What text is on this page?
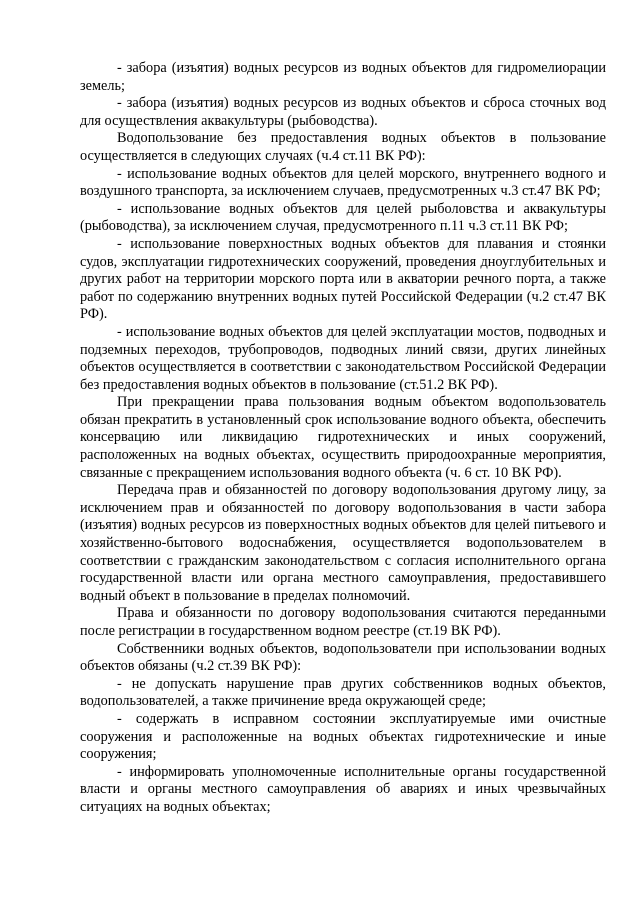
- забора (изъятия) водных ресурсов из водных объектов для гидромелиорации земель;

- забора (изъятия) водных ресурсов из водных объектов и сброса сточных вод для осуществления аквакультуры (рыбоводства).

Водопользование без предоставления водных объектов в пользование осуществляется в следующих случаях (ч.4 ст.11 ВК РФ):

- использование водных объектов для целей морского, внутреннего водного и воздушного транспорта, за исключением случаев, предусмотренных ч.3 ст.47 ВК РФ;

- использование водных объектов для целей рыболовства и аквакультуры (рыбоводства), за исключением случая, предусмотренного п.11 ч.3 ст.11 ВК РФ;

- использование поверхностных водных объектов для плавания и стоянки судов, эксплуатации гидротехнических сооружений, проведения дноуглубительных и других работ на территории морского порта или в акватории речного порта, а также работ по содержанию внутренних водных путей Российской Федерации (ч.2 ст.47 ВК РФ).

- использование водных объектов для целей эксплуатации мостов, подводных и подземных переходов, трубопроводов, подводных линий связи, других линейных объектов осуществляется в соответствии с законодательством Российской Федерации без предоставления водных объектов в пользование (ст.51.2 ВК РФ).

При прекращении права пользования водным объектом водопользователь обязан прекратить в установленный срок использование водного объекта, обеспечить консервацию или ликвидацию гидротехнических и иных сооружений, расположенных на водных объектах, осуществить природоохранные мероприятия, связанные с прекращением использования водного объекта (ч. 6 ст. 10 ВК РФ).

Передача прав и обязанностей по договору водопользования другому лицу, за исключением прав и обязанностей по договору водопользования в части забора (изъятия) водных ресурсов из поверхностных водных объектов для целей питьевого и хозяйственно-бытового водоснабжения, осуществляется водопользователем в соответствии с гражданским законодательством с согласия исполнительного органа государственной власти или органа местного самоуправления, предоставившего водный объект в пользование в пределах полномочий.

Права и обязанности по договору водопользования считаются переданными после регистрации в государственном водном реестре (ст.19 ВК РФ).

Собственники водных объектов, водопользователи при использовании водных объектов обязаны (ч.2 ст.39 ВК РФ):

- не допускать нарушение прав других собственников водных объектов, водопользователей, а также причинение вреда окружающей среде;

- содержать в исправном состоянии эксплуатируемые ими очистные сооружения и расположенные на водных объектах гидротехнические и иные сооружения;

- информировать уполномоченные исполнительные органы государственной власти и органы местного самоуправления об авариях и иных чрезвычайных ситуациях на водных объектах;
